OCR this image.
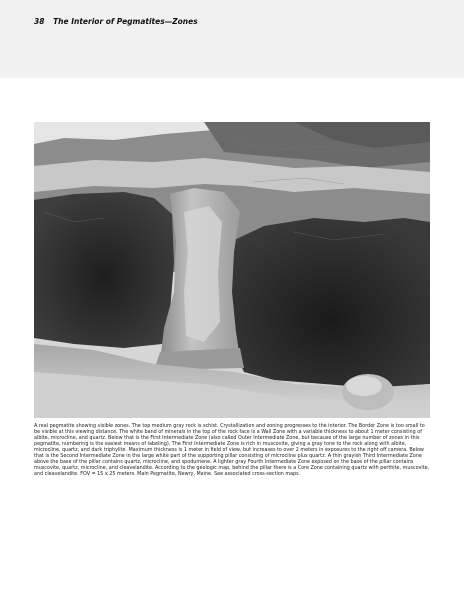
38 The Interior of Pegmatites—Zones

A real pegmatite showing visible zones. The top medium gray rock is schist. Crystallization and zoning progresses to the interior. The Border Zone is too small to be visible at this viewing distance. The white band of minerals in the top of the rock face is a Wall Zone with a variable thickness to about 1 meter consisting of albite, microcline, and quartz. Below that is the First Intermediate Zone (also called Outer Intermediate Zone, but because of the large number of zones in this pegmatite, numbering is the easiest means of labeling). The First Intermediate Zone is rich in muscovite, giving a gray tone to the rock along with albite, microcline, quartz, and dark triphylite. Maximum thickness is 1 meter in field of view, but increases to over 2 meters in exposures to the right off camera. Below that is the Second Intermediate Zone in the large white part of the supporting pillar consisting of microcline plus quartz. A thin grayish Third Intermediate Zone above the base of the pillar contains quartz, microcline, and spodumene. A lighter gray Fourth Intermediate Zone exposed on the base of the pillar contains muscovite, quartz, microcline, and cleavelandite. According to the geologic map, behind the pillar there is a Core Zone containing quartz with perthite, muscovite, and cleavelandite. FOV = 15 x 25 meters. Main Pegmatite, Newry, Maine. See associated cross-section maps.
